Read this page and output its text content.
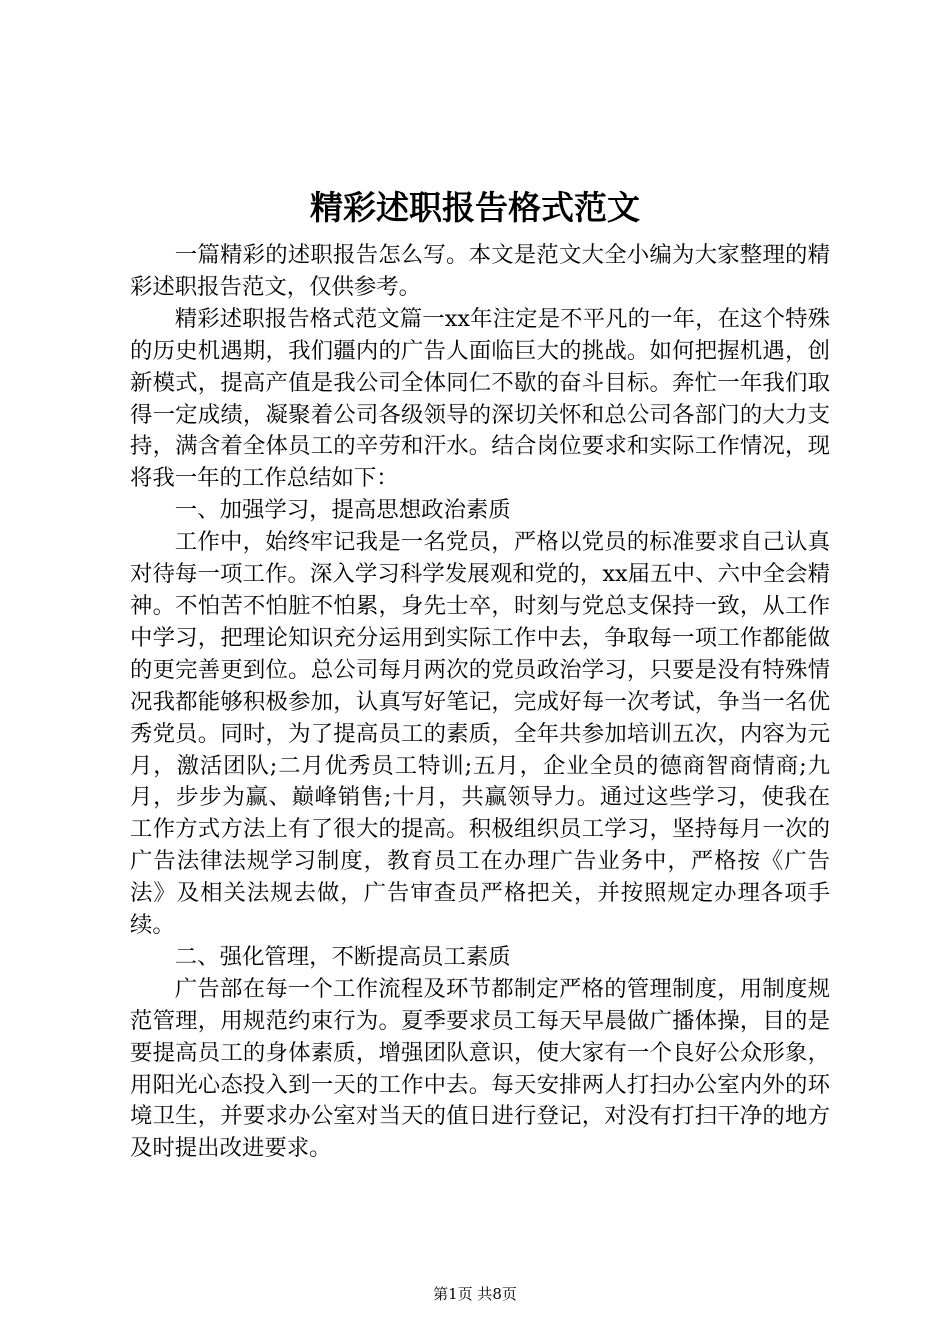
精彩述职报告格式范文

一篇精彩的述职报告怎么写。本文是范文大全小编为大家整理的精彩述职报告范文，仅供参考。

精彩述职报告格式范文篇一xx年注定是不平凡的一年，在这个特殊的历史机遇期，我们疆内的广告人面临巨大的挑战。如何把握机遇，创新模式，提高产值是我公司全体同仁不歇的奋斗目标。奔忙一年我们取得一定成绩，凝聚着公司各级领导的深切关怀和总公司各部门的大力支持，满含着全体员工的辛劳和汗水。结合岗位要求和实际工作情况，现将我一年的工作总结如下：

一、加强学习，提高思想政治素质

工作中，始终牢记我是一名党员，严格以党员的标准要求自己认真对待每一项工作。深入学习科学发展观和党的，xx届五中、六中全会精神。不怕苦不怕脏不怕累，身先士卒，时刻与党总支保持一致，从工作中学习，把理论知识充分运用到实际工作中去，争取每一项工作都能做的更完善更到位。总公司每月两次的党员政治学习，只要是没有特殊情况我都能够积极参加，认真写好笔记，完成好每一次考试，争当一名优秀党员。同时，为了提高员工的素质，全年共参加培训五次，内容为元月，激活团队;二月优秀员工特训;五月，企业全员的德商智商情商;九月，步步为赢、巅峰销售;十月，共赢领导力。通过这些学习，使我在工作方式方法上有了很大的提高。积极组织员工学习，坚持每月一次的广告法律法规学习制度，教育员工在办理广告业务中，严格按《广告法》及相关法规去做，广告审查员严格把关，并按照规定办理各项手续。

二、强化管理，不断提高员工素质

广告部在每一个工作流程及环节都制定严格的管理制度，用制度规范管理，用规范约束行为。夏季要求员工每天早晨做广播体操，目的是要提高员工的身体素质，增强团队意识，使大家有一个良好公众形象，用阳光心态投入到一天的工作中去。每天安排两人打扫办公室内外的环境卫生，并要求办公室对当天的值日进行登记，对没有打扫干净的地方及时提出改进要求。

第1页 共8页
